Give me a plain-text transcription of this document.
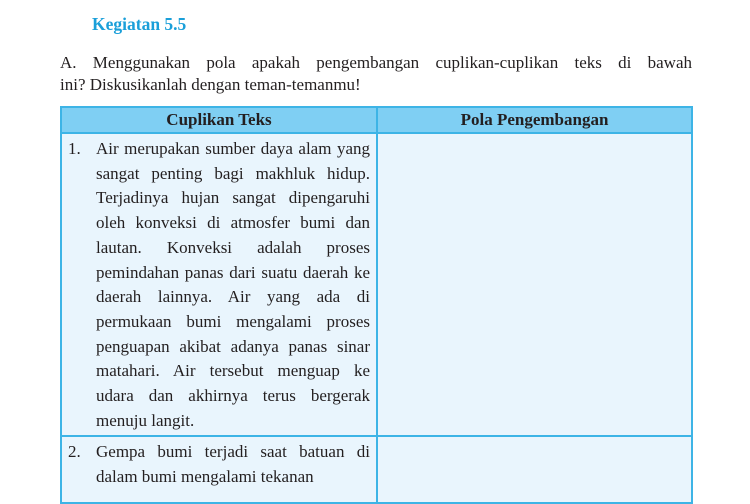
Kegiatan 5.5
A. Menggunakan pola apakah pengembangan cuplikan-cuplikan teks di bawah
ini? Diskusikanlah dengan teman-temanmu!
Cuplikan Teks	Pola Pengembangan

1. Air merupakan sumber daya alam yang sangat penting bagi makhluk hidup. Terjadinya hujan sangat dipengaruhi oleh konveksi di atmosfer bumi dan lautan. Konveksi adalah proses pemindahan panas dari suatu daerah ke daerah lainnya. Air yang ada di permukaan bumi mengalami proses penguapan akibat adanya panas sinar matahari. Air tersebut menguap ke udara dan akhirnya terus bergerak menuju langit.	

2. Gempa bumi terjadi saat batuan di dalam bumi mengalami tekanan	
